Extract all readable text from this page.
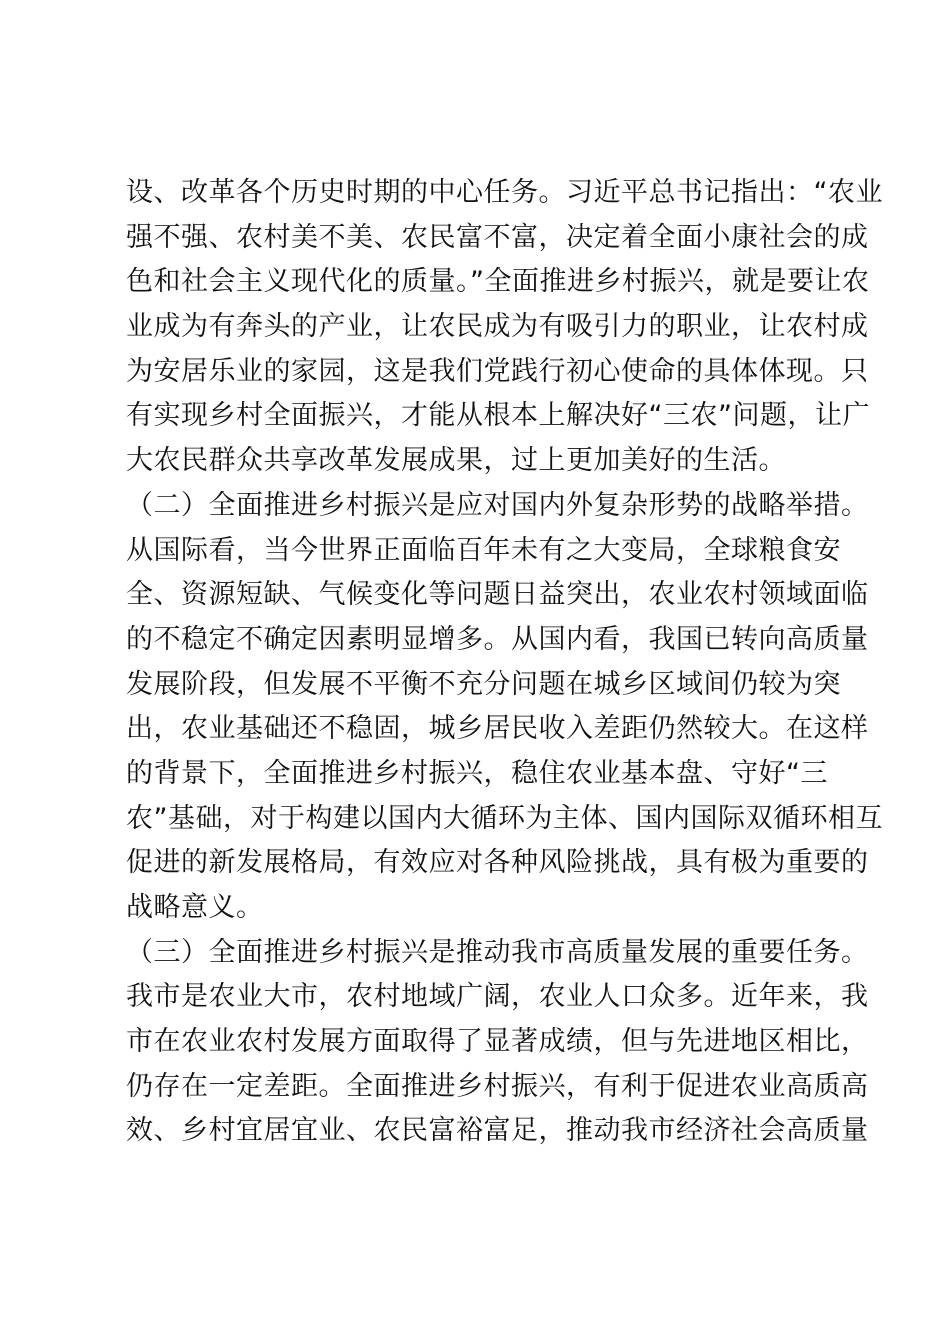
设、改革各个历史时期的中心任务。习近平总书记指出：“农业
强不强、农村美不美、农民富不富，决定着全面小康社会的成
色和社会主义现代化的质量。”全面推进乡村振兴，就是要让农
业成为有奔头的产业，让农民成为有吸引力的职业，让农村成
为安居乐业的家园，这是我们党践行初心使命的具体体现。只
有实现乡村全面振兴，才能从根本上解决好“三农”问题，让广
大农民群众共享改革发展成果，过上更加美好的生活。
（二）全面推进乡村振兴是应对国内外复杂形势的战略举措。
从国际看，当今世界正面临百年未有之大变局，全球粮食安
全、资源短缺、气候变化等问题日益突出，农业农村领域面临
的不稳定不确定因素明显增多。从国内看，我国已转向高质量
发展阶段，但发展不平衡不充分问题在城乡区域间仍较为突
出，农业基础还不稳固，城乡居民收入差距仍然较大。在这样
的背景下，全面推进乡村振兴，稳住农业基本盘、守好“三
农”基础，对于构建以国内大循环为主体、国内国际双循环相互
促进的新发展格局，有效应对各种风险挑战，具有极为重要的
战略意义。
（三）全面推进乡村振兴是推动我市高质量发展的重要任务。
我市是农业大市，农村地域广阔，农业人口众多。近年来，我
市在农业农村发展方面取得了显著成绩，但与先进地区相比，
仍存在一定差距。全面推进乡村振兴，有利于促进农业高质高
效、乡村宜居宜业、农民富裕富足，推动我市经济社会高质量
